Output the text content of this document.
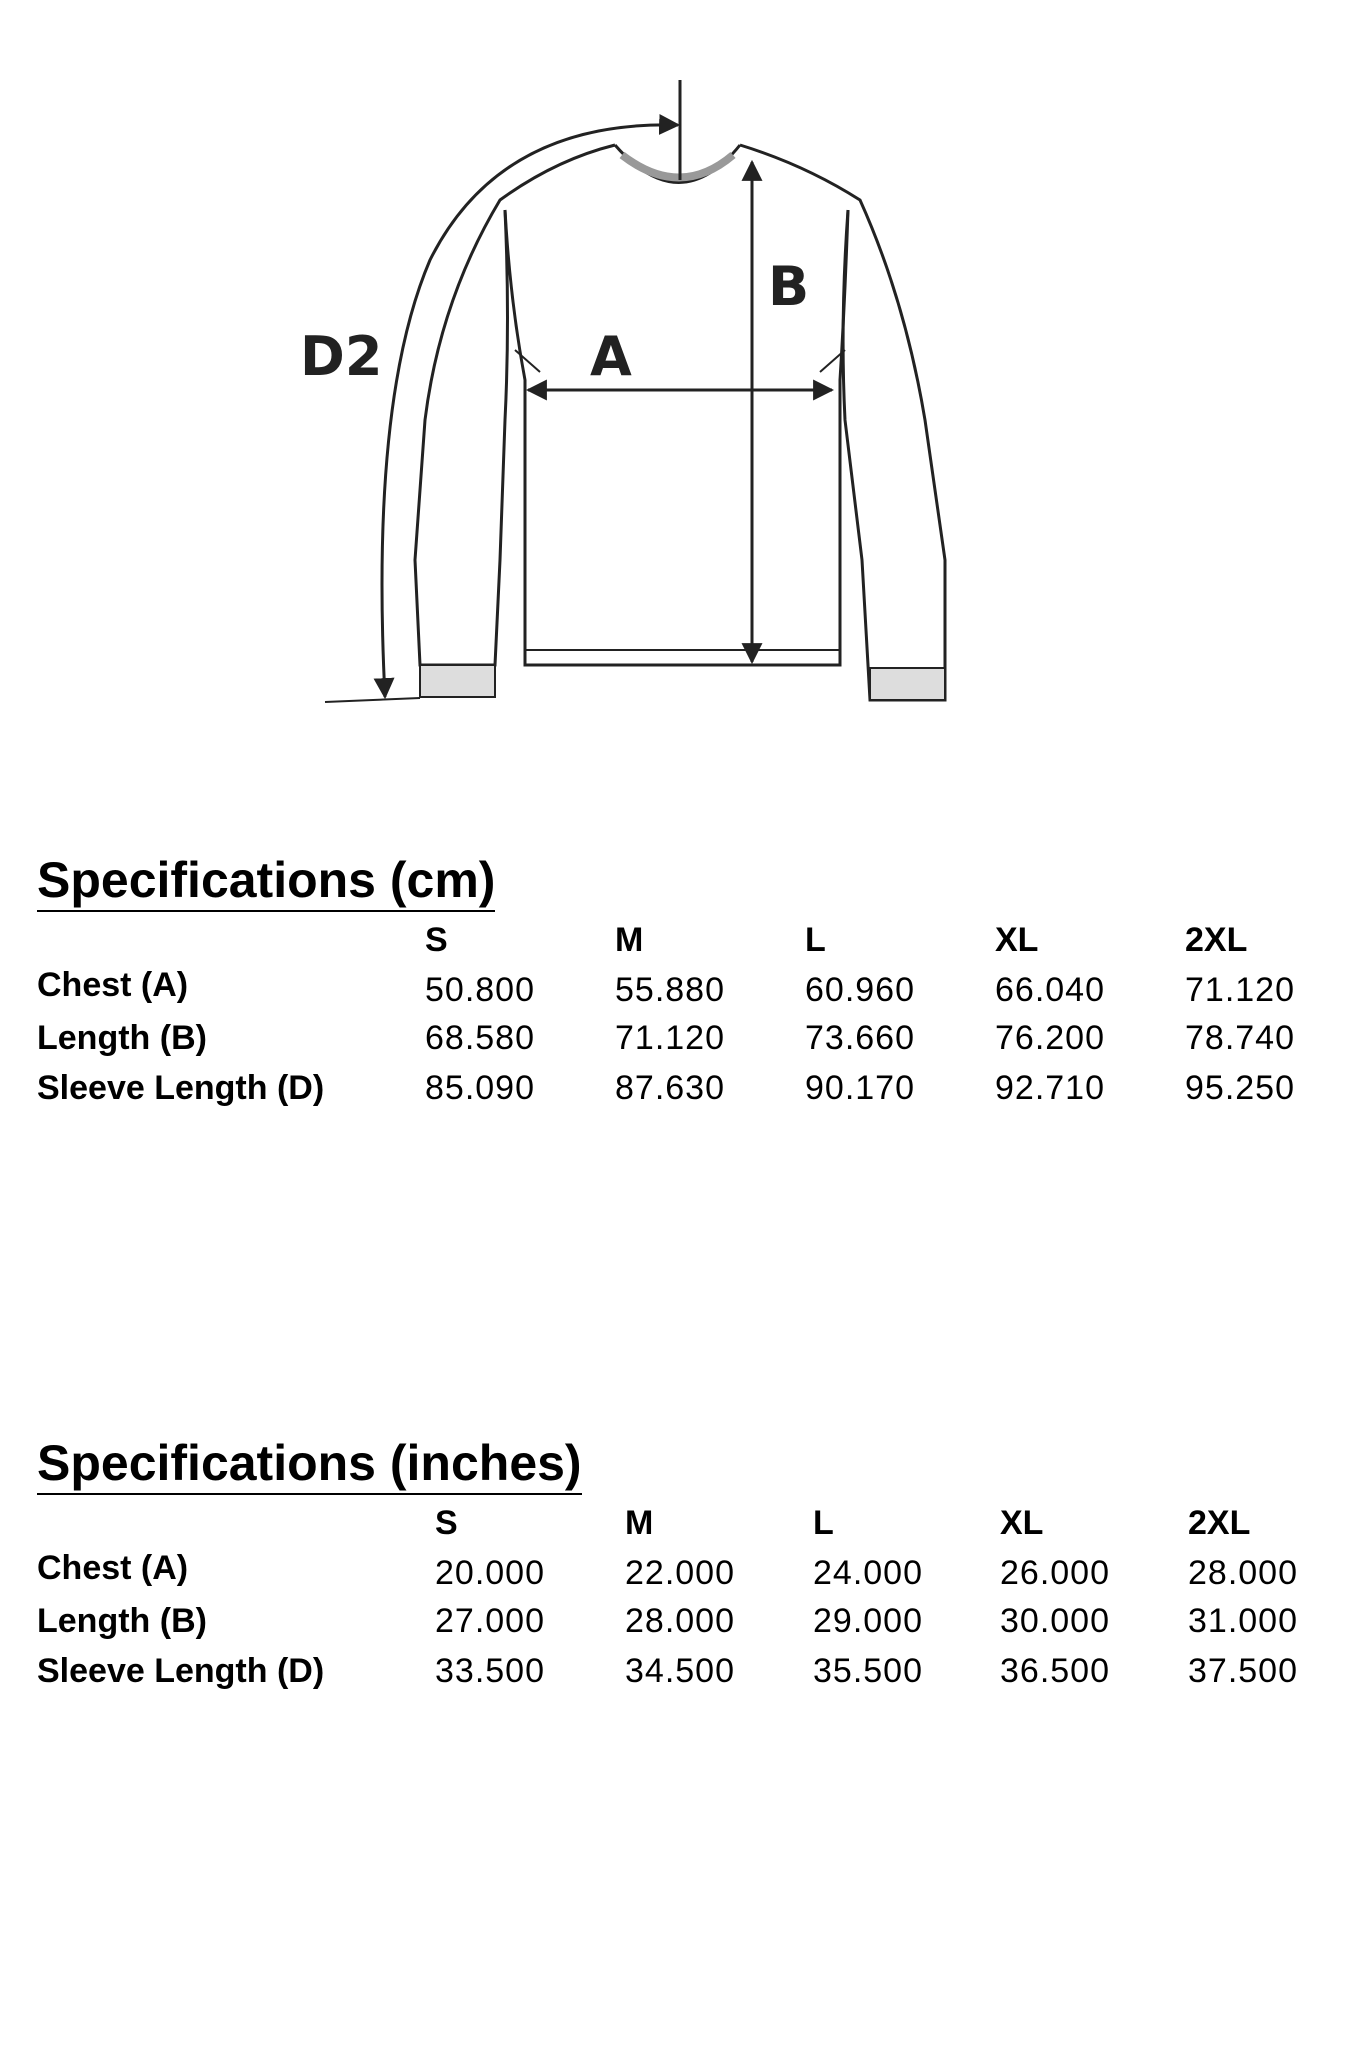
A
B
D2
Specifications (cm)
S	M	L	XL	2XL
Chest (A)	50.800 55.880 60.960 66.040 71.120
Length (B)	68.580 71.120 73.660 76.200 78.740
Sleeve Length (D)	85.090 87.630 90.170 92.710 95.250
Specifications (inches)
S	M	L	XL	2XL
Chest (A)	20.000 22.000 24.000 26.000 28.000
Length (B)	27.000 28.000 29.000 30.000 31.000
Sleeve Length (D)	33.500 34.500 35.500 36.500 37.500
